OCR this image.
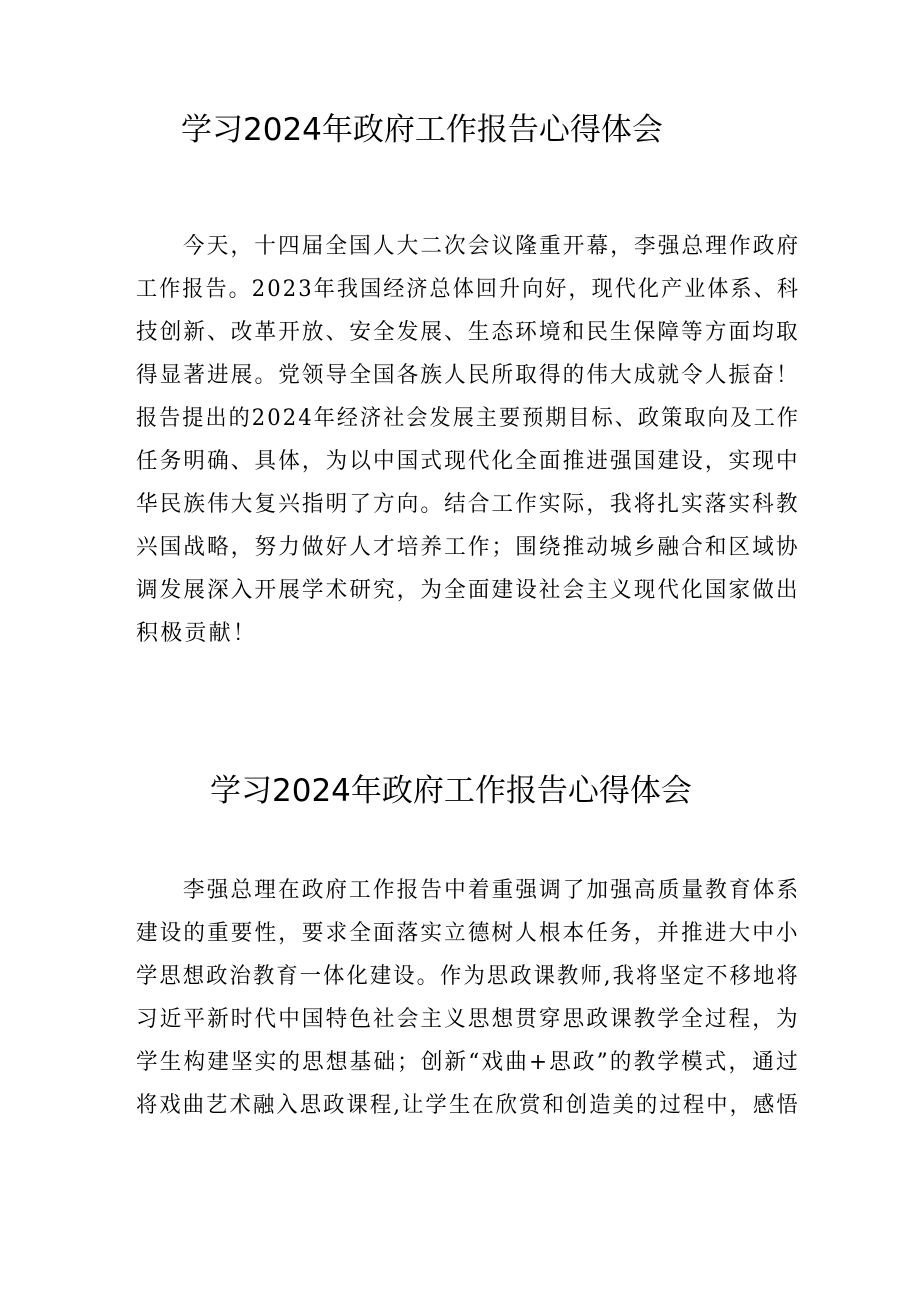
学习2024年政府工作报告心得体会
今天，十四届全国人大二次会议隆重开幕，李强总理作政府
工作报告。2023年我国经济总体回升向好，现代化产业体系、科
技创新、改革开放、安全发展、生态环境和民生保障等方面均取
得显著进展。党领导全国各族人民所取得的伟大成就令人振奋！
报告提出的2024年经济社会发展主要预期目标、政策取向及工作
任务明确、具体，为以中国式现代化全面推进强国建设，实现中
华民族伟大复兴指明了方向。结合工作实际，我将扎实落实科教
兴国战略，努力做好人才培养工作；围绕推动城乡融合和区域协
调发展深入开展学术研究，为全面建设社会主义现代化国家做出
积极贡献！
学习2024年政府工作报告心得体会
李强总理在政府工作报告中着重强调了加强高质量教育体系
建设的重要性，要求全面落实立德树人根本任务，并推进大中小
学思想政治教育一体化建设。作为思政课教师,我将坚定不移地将
习近平新时代中国特色社会主义思想贯穿思政课教学全过程，为
学生构建坚实的思想基础；创新“戏曲+思政”的教学模式，通过
将戏曲艺术融入思政课程,让学生在欣赏和创造美的过程中，感悟
